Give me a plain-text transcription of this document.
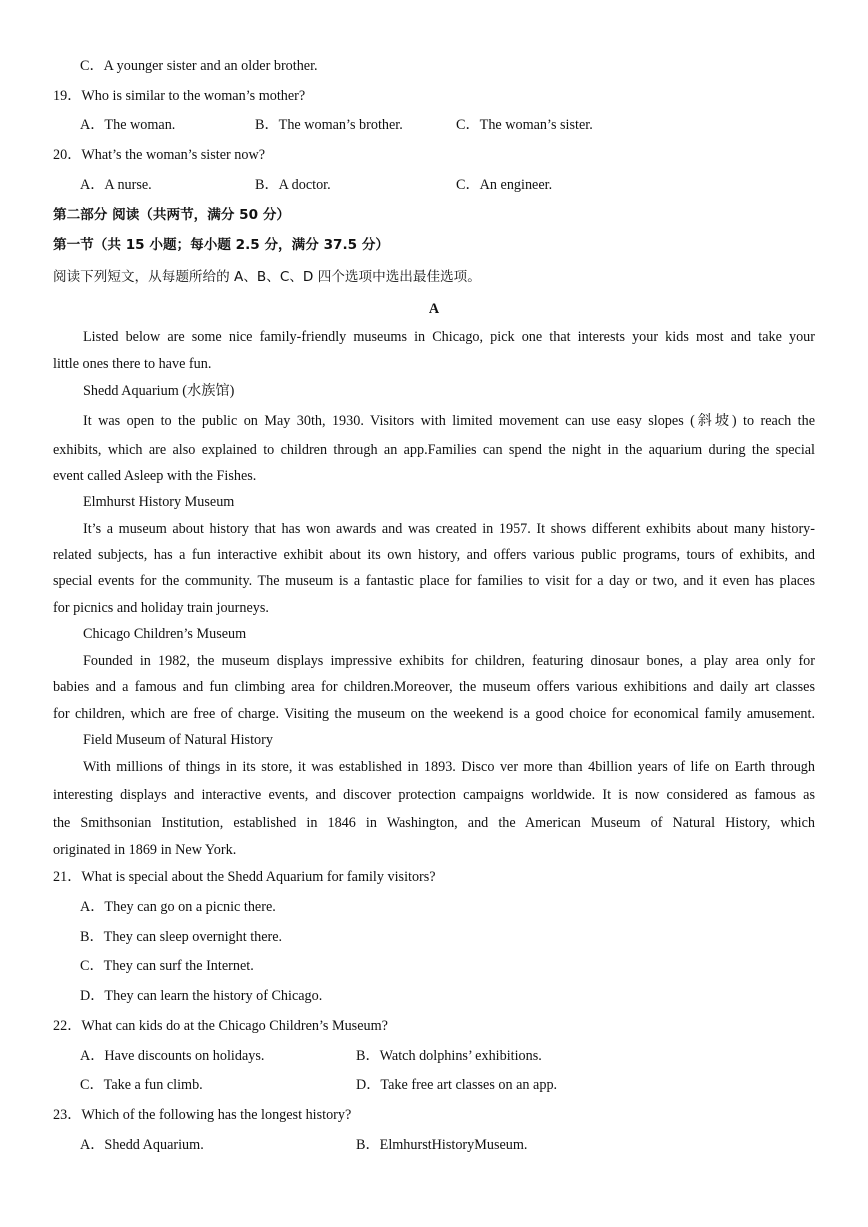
C．A younger sister and an older brother.
19．Who is similar to the woman’s mother?
A．The woman.	B．The woman’s brother.	C．The woman’s sister.
20．What’s the woman’s sister now?
A．A nurse.	B．A doctor.	C．An engineer.
第二部分 阅读（共两节，满分 50 分）
第一节（共 15 小题；每小题 2.5 分，满分 37.5 分）
阅读下列短文，从每题所给的 A、B、C、D 四个选项中选出最佳选项。
A
Listed below are some nice family-friendly museums in Chicago, pick one that interests your kids most and take your
little ones there to have fun.
Shedd Aquarium (水族馆)
It was open to the public on May 30th, 1930. Visitors with limited movement can use easy slopes (斜坡) to reach the
exhibits, which are also explained to children through an app.Families can spend the night in the aquarium during the special
event called Asleep with the Fishes.
Elmhurst History Museum
It’s a museum about history that has won awards and was created in 1957. It shows different exhibits about many history-
related subjects, has a fun interactive exhibit about its own history, and offers various public programs, tours of exhibits, and
special events for the community. The museum is a fantastic place for families to visit for a day or two, and it even has places
for picnics and holiday train journeys.
Chicago Children’s Museum
Founded in 1982, the museum displays impressive exhibits for children, featuring dinosaur bones, a play area only for
babies and a famous and fun climbing area for children.Moreover, the museum offers various exhibitions and daily art classes
for children, which are free of charge. Visiting the museum on the weekend is a good choice for economical family amusement.
Field Museum of Natural History
With millions of things in its store, it was established in 1893. Disco ver more than 4billion years of life on Earth through
interesting displays and interactive events, and discover protection campaigns worldwide. It is now considered as famous as
the Smithsonian Institution, established in 1846 in Washington, and the American Museum of Natural History, which
originated in 1869 in New York.
21．What is special about the Shedd Aquarium for family visitors?
A．They can go on a picnic there.
B．They can sleep overnight there.
C．They can surf the Internet.
D．They can learn the history of Chicago.
22．What can kids do at the Chicago Children’s Museum?
A．Have discounts on holidays.	B．Watch dolphins’ exhibitions.
C．Take a fun climb.	D．Take free art classes on an app.
23．Which of the following has the longest history?
A．Shedd Aquarium.	B．ElmhurstHistoryMuseum.
